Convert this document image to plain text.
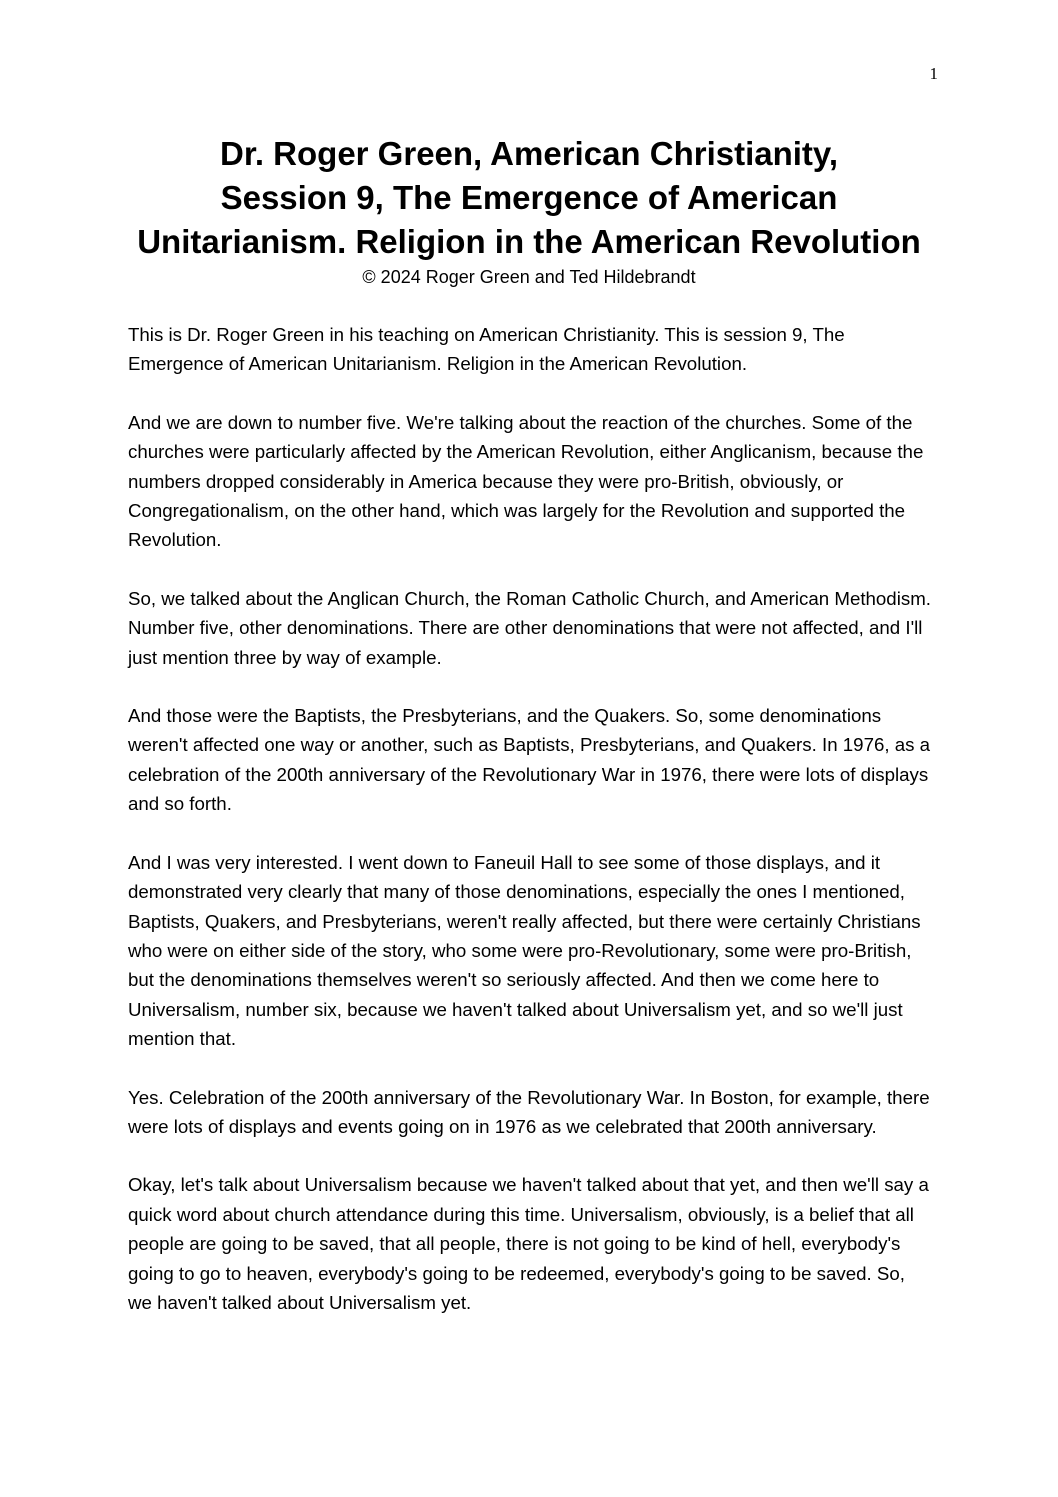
1
Dr. Roger Green, American Christianity,
Session 9, The Emergence of American
Unitarianism. Religion in the American Revolution

© 2024 Roger Green and Ted Hildebrandt

This is Dr. Roger Green in his teaching on American Christianity. This is session 9, The Emergence of American Unitarianism. Religion in the American Revolution.

And we are down to number five. We're talking about the reaction of the churches. Some of the churches were particularly affected by the American Revolution, either Anglicanism, because the numbers dropped considerably in America because they were pro-British, obviously, or Congregationalism, on the other hand, which was largely for the Revolution and supported the Revolution.

So, we talked about the Anglican Church, the Roman Catholic Church, and American Methodism. Number five, other denominations. There are other denominations that were not affected, and I'll just mention three by way of example.

And those were the Baptists, the Presbyterians, and the Quakers. So, some denominations weren't affected one way or another, such as Baptists, Presbyterians, and Quakers. In 1976, as a celebration of the 200th anniversary of the Revolutionary War in 1976, there were lots of displays and so forth.

And I was very interested. I went down to Faneuil Hall to see some of those displays, and it demonstrated very clearly that many of those denominations, especially the ones I mentioned, Baptists, Quakers, and Presbyterians, weren't really affected, but there were certainly Christians who were on either side of the story, who some were pro-Revolutionary, some were pro-British, but the denominations themselves weren't so seriously affected. And then we come here to Universalism, number six, because we haven't talked about Universalism yet, and so we'll just mention that.

Yes. Celebration of the 200th anniversary of the Revolutionary War. In Boston, for example, there were lots of displays and events going on in 1976 as we celebrated that 200th anniversary.

Okay, let's talk about Universalism because we haven't talked about that yet, and then we'll say a quick word about church attendance during this time. Universalism, obviously, is a belief that all people are going to be saved, that all people, there is not going to be kind of hell, everybody's going to go to heaven, everybody's going to be redeemed, everybody's going to be saved. So, we haven't talked about Universalism yet.
